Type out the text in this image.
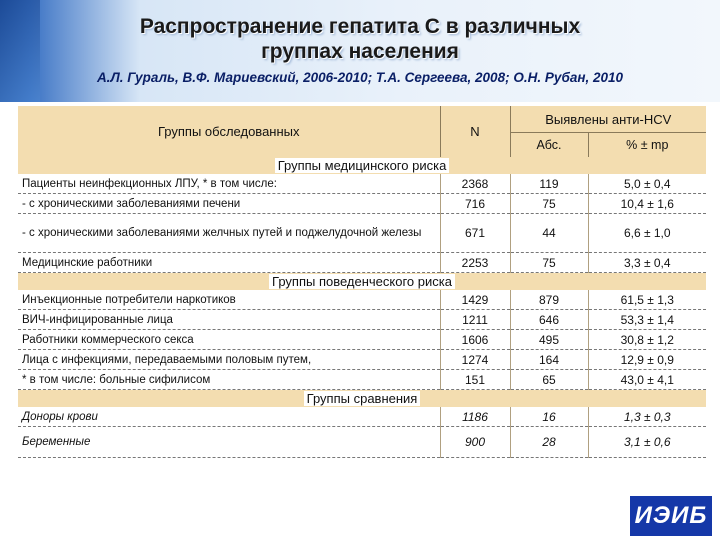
Распространение гепатита С в различных
группах населения
А.Л. Гураль, В.Ф. Мариевский, 2006-2010; Т.А. Сергеева, 2008; О.Н. Рубан, 2010
Группы обследованных	N	Выявлены анти-HCV	
		Абс.	% ± mр
Группы медицинского риска			
Пациенты неинфекционных ЛПУ, * в том числе:	2368	119	5,0 ± 0,4
- с хроническими заболеваниями печени	716	75	10,4 ± 1,6
- с хроническими заболеваниями желчных путей и поджелудочной железы	671	44	6,6 ± 1,0
Медицинские работники	2253	75	3,3 ± 0,4
Группы поведенческого риска			
Инъекционные потребители наркотиков	1429	879	61,5 ± 1,3
ВИЧ-инфицированные лица	1211	646	53,3 ± 1,4
Работники коммерческого секса	1606	495	30,8 ± 1,2
Лица с инфекциями, передаваемыми половым путем,	1274	164	12,9 ± 0,9
* в том числе: больные сифилисом	151	65	43,0 ± 4,1
Группы сравнения			
Доноры крови	1186	16	1,3 ± 0,3
Беременные	900	28	3,1 ± 0,6
ИЭИБ
